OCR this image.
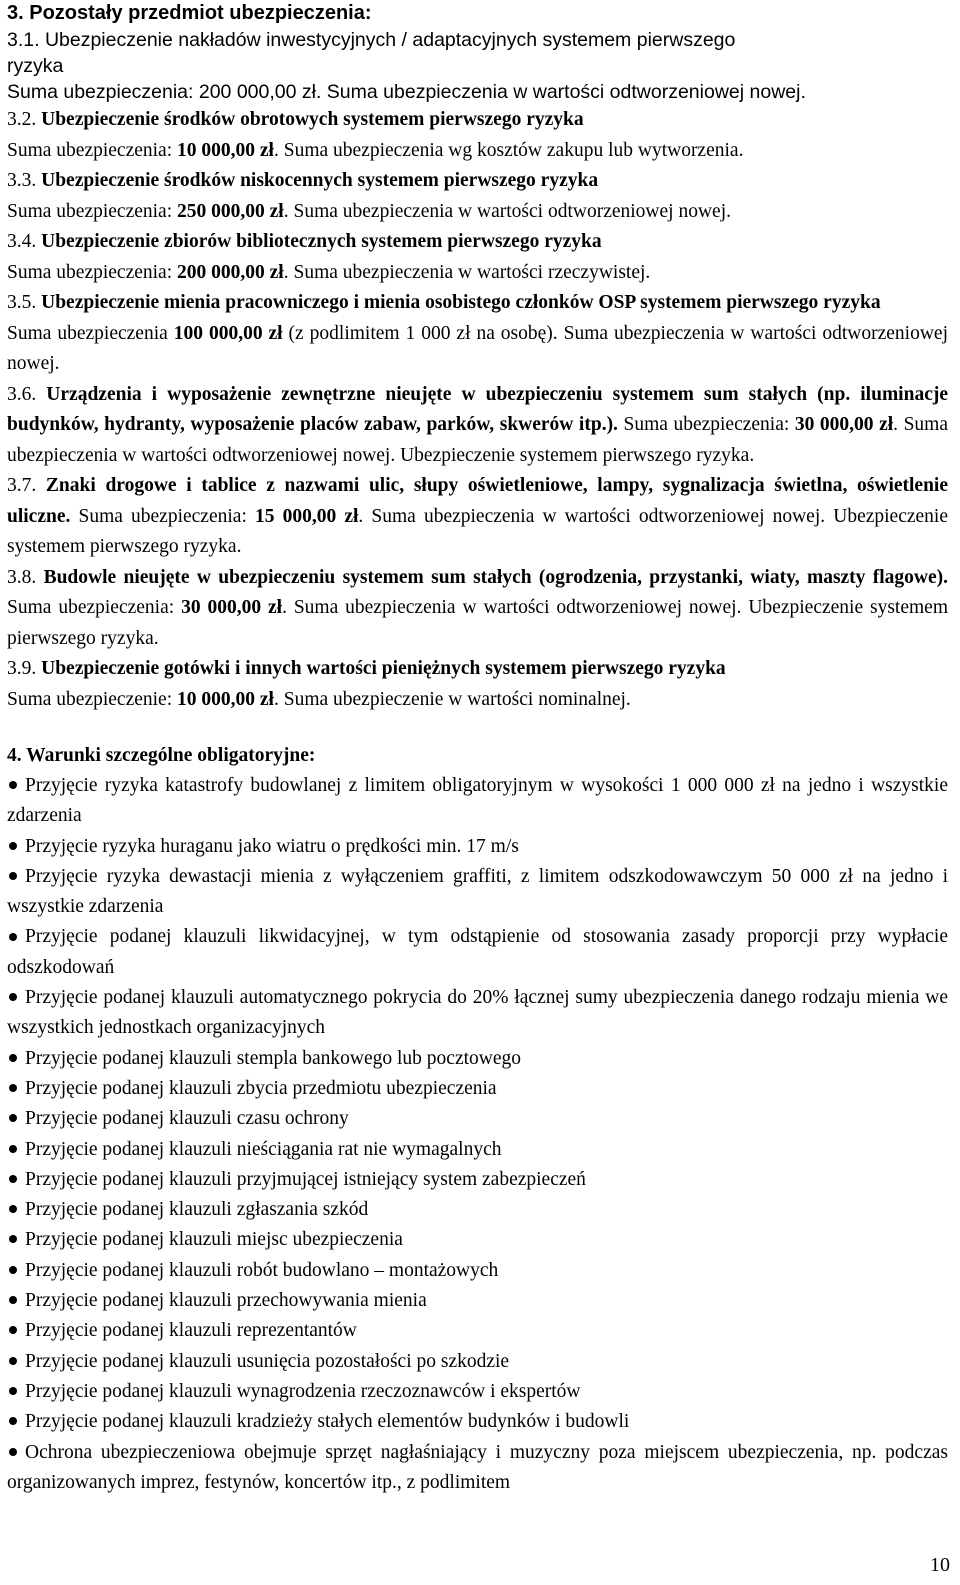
3. Pozostały przedmiot ubezpieczenia:
3.1. Ubezpieczenie nakładów inwestycyjnych / adaptacyjnych systemem pierwszego
ryzyka
Suma ubezpieczenia: 200 000,00 zł. Suma ubezpieczenia w wartości odtworzeniowej nowej.
3.2. Ubezpieczenie środków obrotowych systemem pierwszego ryzyka
Suma ubezpieczenia: 10 000,00 zł. Suma ubezpieczenia wg kosztów zakupu lub wytworzenia.
3.3. Ubezpieczenie środków niskocennych systemem pierwszego ryzyka
Suma ubezpieczenia: 250 000,00 zł. Suma ubezpieczenia w wartości odtworzeniowej nowej.
3.4. Ubezpieczenie zbiorów bibliotecznych systemem pierwszego ryzyka
Suma ubezpieczenia: 200 000,00 zł. Suma ubezpieczenia w wartości rzeczywistej.
3.5. Ubezpieczenie mienia pracowniczego i mienia osobistego członków OSP systemem pierwszego ryzyka
Suma ubezpieczenia 100 000,00 zł (z podlimitem 1 000 zł na osobę). Suma ubezpieczenia w wartości odtworzeniowej nowej.
3.6. Urządzenia i wyposażenie zewnętrzne nieujęte w ubezpieczeniu systemem sum stałych (np. iluminacje budynków, hydranty, wyposażenie placów zabaw, parków, skwerów itp.). Suma ubezpieczenia: 30 000,00 zł. Suma ubezpieczenia w wartości odtworzeniowej nowej. Ubezpieczenie systemem pierwszego ryzyka.
3.7. Znaki drogowe i tablice z nazwami ulic, słupy oświetleniowe, lampy, sygnalizacja świetlna, oświetlenie uliczne. Suma ubezpieczenia: 15 000,00 zł. Suma ubezpieczenia w wartości odtworzeniowej nowej. Ubezpieczenie systemem pierwszego ryzyka.
3.8. Budowle nieujęte w ubezpieczeniu systemem sum stałych (ogrodzenia, przystanki, wiaty, maszty flagowe). Suma ubezpieczenia: 30 000,00 zł. Suma ubezpieczenia w wartości odtworzeniowej nowej. Ubezpieczenie systemem pierwszego ryzyka.
3.9. Ubezpieczenie gotówki i innych wartości pieniężnych systemem pierwszego ryzyka
Suma ubezpieczenie: 10 000,00 zł. Suma ubezpieczenie w wartości nominalnej.
4. Warunki szczególne obligatoryjne:
Przyjęcie ryzyka katastrofy budowlanej z limitem obligatoryjnym w wysokości 1 000 000 zł na jedno i wszystkie zdarzenia
Przyjęcie ryzyka huraganu jako wiatru o prędkości min. 17 m/s
Przyjęcie ryzyka dewastacji mienia z wyłączeniem graffiti, z limitem odszkodowawczym 50 000 zł na jedno i wszystkie zdarzenia
Przyjęcie podanej klauzuli likwidacyjnej, w tym odstąpienie od stosowania zasady proporcji przy wypłacie odszkodowań
Przyjęcie podanej klauzuli automatycznego pokrycia do 20% łącznej sumy ubezpieczenia danego rodzaju mienia we wszystkich jednostkach organizacyjnych
Przyjęcie podanej klauzuli stempla bankowego lub pocztowego
Przyjęcie podanej klauzuli zbycia przedmiotu ubezpieczenia
Przyjęcie podanej klauzuli czasu ochrony
Przyjęcie podanej klauzuli nieściągania rat nie wymagalnych
Przyjęcie podanej klauzuli przyjmującej istniejący system zabezpieczeń
Przyjęcie podanej klauzuli zgłaszania szkód
Przyjęcie podanej klauzuli miejsc ubezpieczenia
Przyjęcie podanej klauzuli robót budowlano – montażowych
Przyjęcie podanej klauzuli przechowywania mienia
Przyjęcie podanej klauzuli reprezentantów
Przyjęcie podanej klauzuli usunięcia pozostałości po szkodzie
Przyjęcie podanej klauzuli wynagrodzenia rzeczoznawców i ekspertów
Przyjęcie podanej klauzuli kradzieży stałych elementów budynków i budowli
Ochrona ubezpieczeniowa obejmuje sprzęt nagłaśniający i muzyczny poza miejscem ubezpieczenia, np. podczas organizowanych imprez, festynów, koncertów itp., z podlimitem
10
